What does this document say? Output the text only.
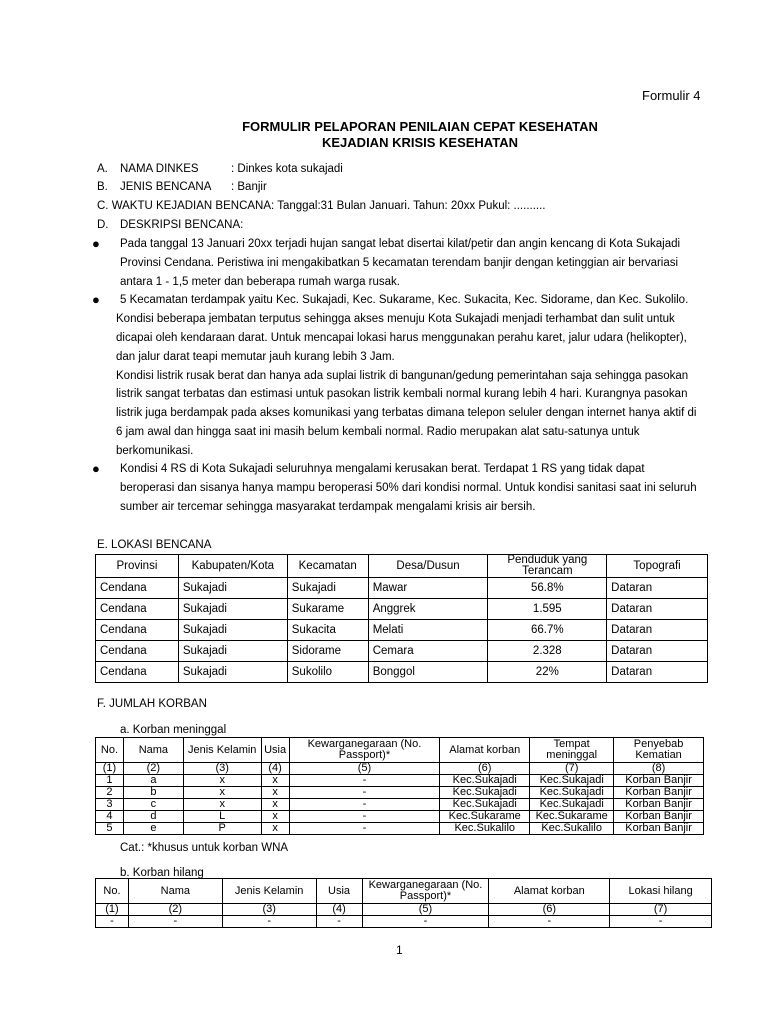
Formulir 4
FORMULIR PELAPORAN PENILAIAN CEPAT KESEHATAN
KEJADIAN KRISIS KESEHATAN
A. NAMA DINKES	: Dinkes kota sukajadi
B. JENIS BENCANA : Banjir
C. WAKTU KEJADIAN BENCANA: Tanggal:31 Bulan Januari. Tahun: 20xx Pukul: ..........
D. DESKRIPSI BENCANA:
●
●
●
Pada tanggal 13 Januari 20xx terjadi hujan sangat lebat disertai kilat/petir dan angin kencang di Kota Sukajadi
Provinsi Cendana. Peristiwa ini mengakibatkan 5 kecamatan terendam banjir dengan ketinggian air bervariasi
antara 1 - 1,5 meter dan beberapa rumah warga rusak.
5 Kecamatan terdampak yaitu Kec. Sukajadi, Kec. Sukarame, Kec. Sukacita, Kec. Sidorame, dan Kec. Sukolilo.
Kondisi beberapa jembatan terputus sehingga akses menuju Kota Sukajadi menjadi terhambat dan sulit untuk
dicapai oleh kendaraan darat. Untuk mencapai lokasi harus menggunakan perahu karet, jalur udara (helikopter),
dan jalur darat teapi memutar jauh kurang lebih 3 Jam.
Kondisi listrik rusak berat dan hanya ada suplai listrik di bangunan/gedung pemerintahan saja sehingga pasokan
listrik sangat terbatas dan estimasi untuk pasokan listrik kembali normal kurang lebih 4 hari. Kurangnya pasokan
listrik juga berdampak pada akses komunikasi yang terbatas dimana telepon seluler dengan internet hanya aktif di
6 jam awal dan hingga saat ini masih belum kembali normal. Radio merupakan alat satu-satunya untuk
berkomunikasi.
Kondisi 4 RS di Kota Sukajadi seluruhnya mengalami kerusakan berat. Terdapat 1 RS yang tidak dapat
beroperasi dan sisanya hanya mampu beroperasi 50% dari kondisi normal. Untuk kondisi sanitasi saat ini seluruh
sumber air tercemar sehingga masyarakat terdampak mengalami krisis air bersih.
E. LOKASI BENCANA
Provinsi	Kabupaten/Kota	Kecamatan	Desa/Dusun	Penduduk yang Terancam	Topografi
Cendana	Sukajadi	Sukajadi	Mawar	56.8%	Dataran
Cendana	Sukajadi	Sukarame	Anggrek	1.595	Dataran
Cendana	Sukajadi	Sukacita	Melati	66.7%	Dataran
Cendana	Sukajadi	Sidorame	Cemara	2.328	Dataran
Cendana	Sukajadi	Sukolilo	Bonggol	22%	Dataran
F. JUMLAH KORBAN
a. Korban meninggal
No.	Nama	Jenis Kelamin	Usia	Kewarganegaraan (No. Passport)*	Alamat korban	Tempat meninggal	Penyebab Kematian
(1)	(2)	(3)	(4)	(5)	(6)	(7)	(8)
1	a	x	x	-	Kec.Sukajadi	Kec.Sukajadi	Korban Banjir
2	b	x	x	-	Kec.Sukajadi	Kec.Sukajadi	Korban Banjir
3	c	x	x	-	Kec.Sukajadi	Kec.Sukajadi	Korban Banjir
4	d	L	x	-	Kec.Sukarame	Kec.Sukarame	Korban Banjir
5	e	P	x	-	Kec.Sukalilo	Kec.Sukalilo	Korban Banjir
Cat.: *khusus untuk korban WNA
b. Korban hilang
No.	Nama	Jenis Kelamin	Usia	Kewarganegaraan (No. Passport)*	Alamat korban	Lokasi hilang
(1)	(2)	(3)	(4)	(5)	(6)	(7)
-	-	-	-	-	-	-
1
